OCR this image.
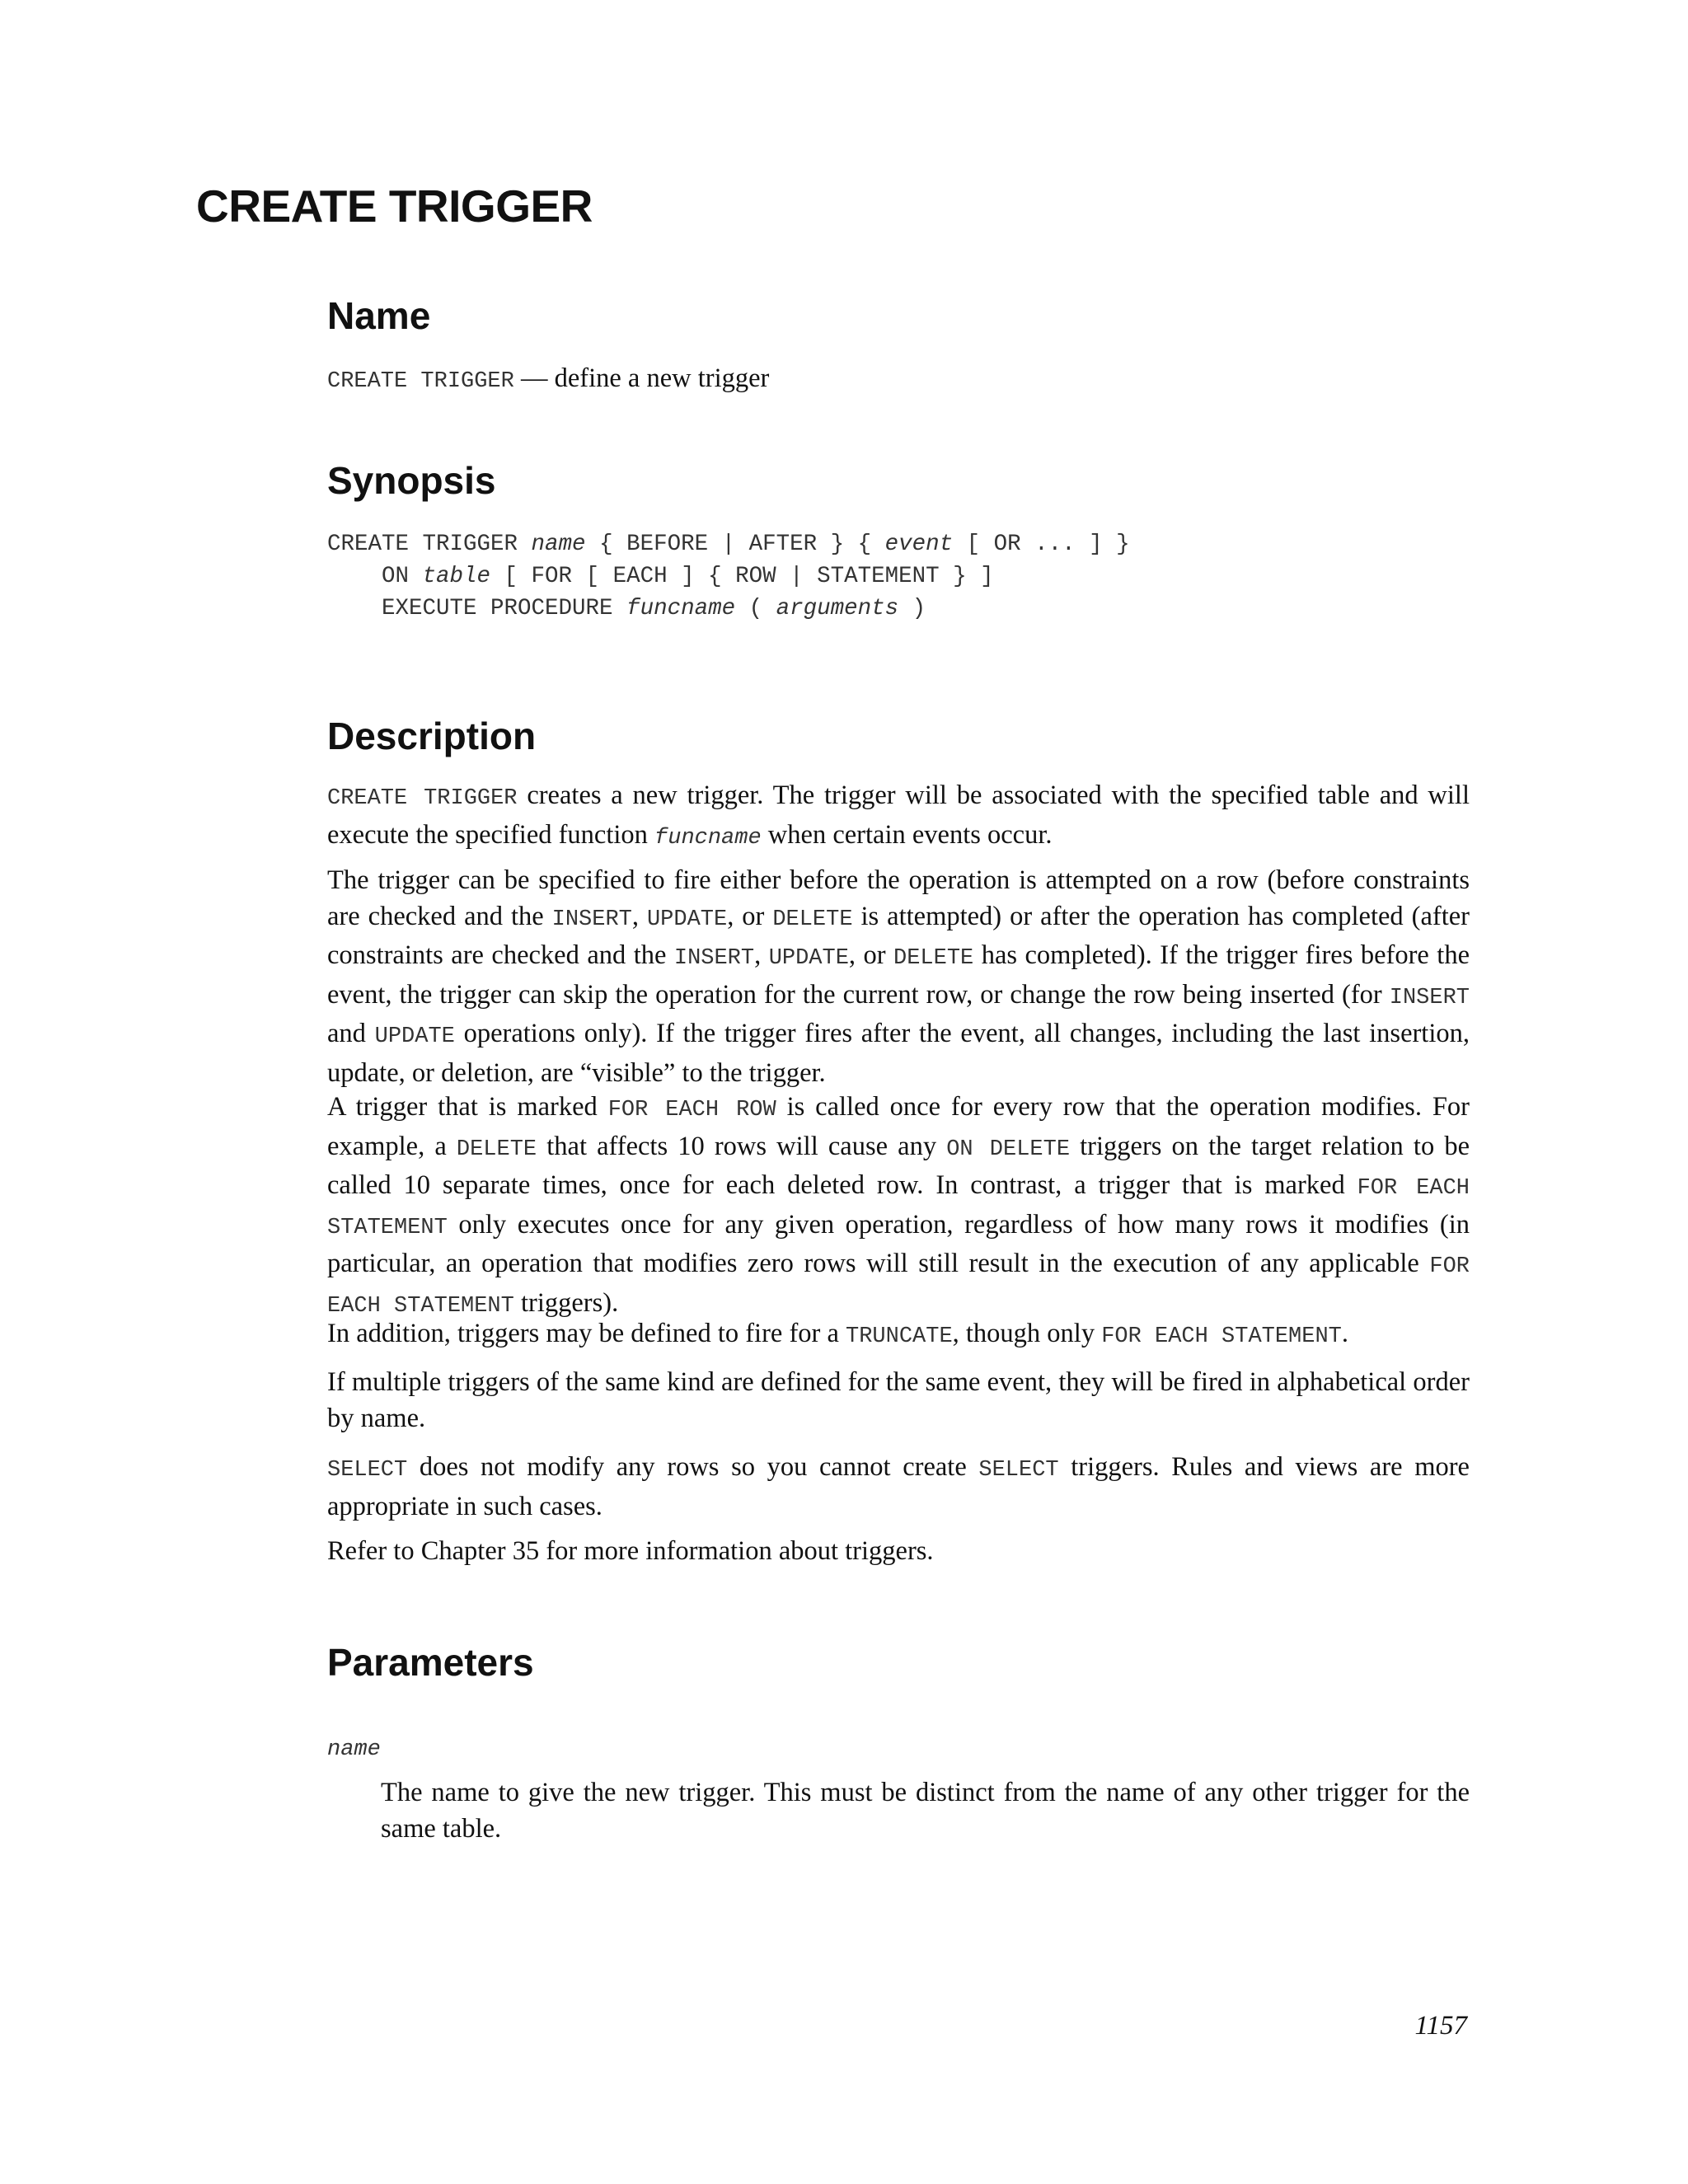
CREATE TRIGGER
Name

CREATE TRIGGER — define a new trigger

Synopsis
CREATE TRIGGER name { BEFORE | AFTER } { event [ OR ... ] }
ON table [ FOR [ EACH ] { ROW | STATEMENT } ]
EXECUTE PROCEDURE funcname ( arguments )
Description

CREATE TRIGGER creates a new trigger. The trigger will be associated with the specified table and will execute the specified function funcname when certain events occur.

The trigger can be specified to fire either before the operation is attempted on a row (before constraints are checked and the INSERT, UPDATE, or DELETE is attempted) or after the operation has completed (after constraints are checked and the INSERT, UPDATE, or DELETE has completed). If the trigger fires before the event, the trigger can skip the operation for the current row, or change the row being inserted (for INSERT and UPDATE operations only). If the trigger fires after the event, all changes, including the last insertion, update, or deletion, are “visible” to the trigger.

A trigger that is marked FOR EACH ROW is called once for every row that the operation modifies. For example, a DELETE that affects 10 rows will cause any ON DELETE triggers on the target relation to be called 10 separate times, once for each deleted row. In contrast, a trigger that is marked FOR EACH STATEMENT only executes once for any given operation, regardless of how many rows it modifies (in particular, an operation that modifies zero rows will still result in the execution of any applicable FOR EACH STATEMENT triggers).

In addition, triggers may be defined to fire for a TRUNCATE, though only FOR EACH STATEMENT.

If multiple triggers of the same kind are defined for the same event, they will be fired in alphabetical order by name.

SELECT does not modify any rows so you cannot create SELECT triggers. Rules and views are more appropriate in such cases.

Refer to Chapter 35 for more information about triggers.

Parameters
name

The name to give the new trigger. This must be distinct from the name of any other trigger for the same table.

1157
